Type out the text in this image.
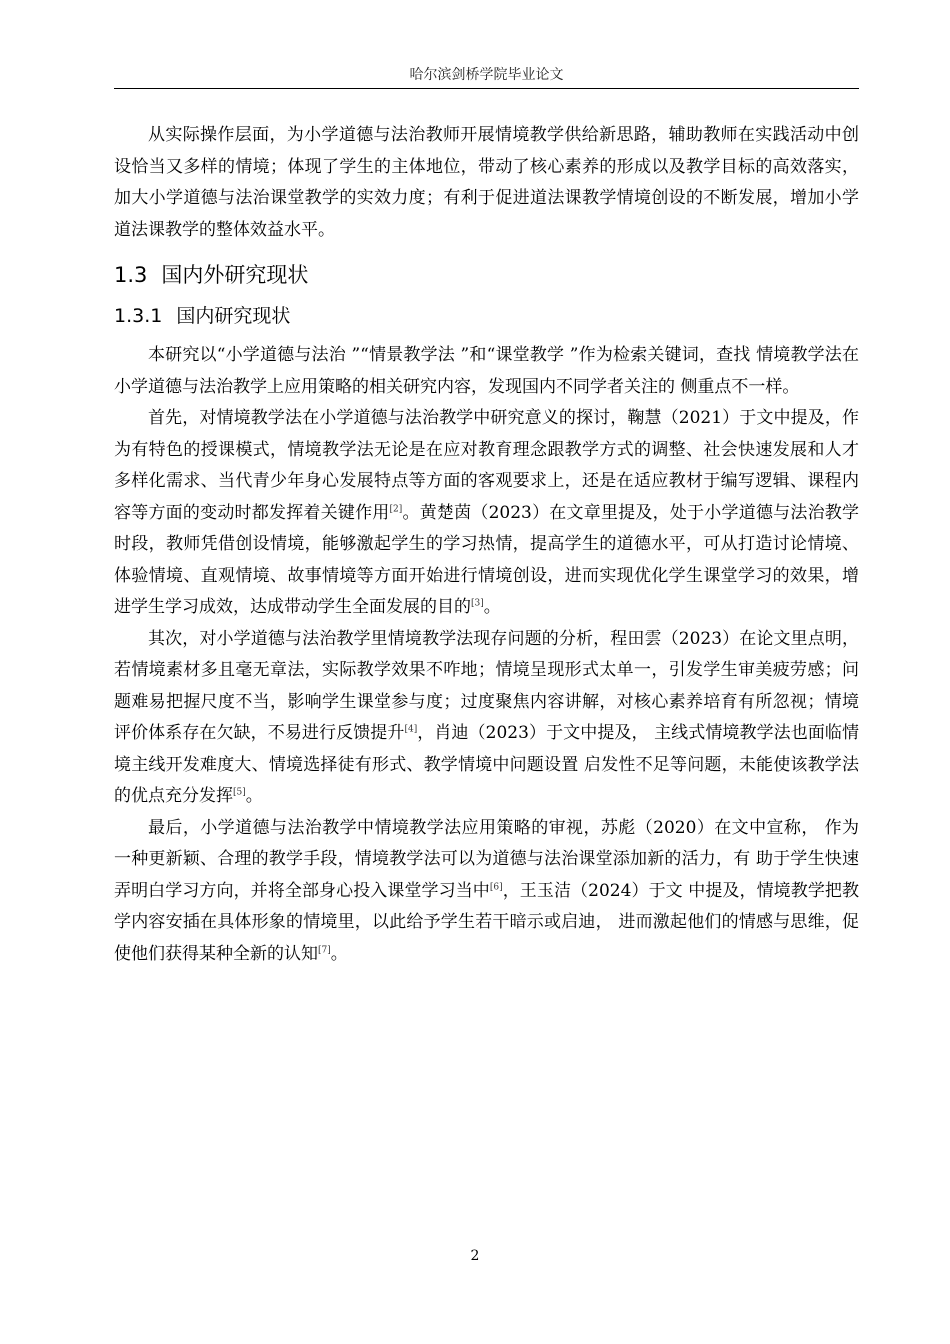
哈尔滨剑桥学院毕业论文

从实际操作层面，为小学道德与法治教师开展情境教学供给新思路，辅助教师在实践活动中创设恰当又多样的情境；体现了学生的主体地位，带动了核心素养的形成以及教学目标的高效落实，加大小学道德与法治课堂教学的实效力度；有利于促进道法课教学情境创设的不断发展，增加小学道法课教学的整体效益水平。

1.3 国内外研究现状
1.3.1 国内研究现状

本研究以“小学道德与法治 ”“情景教学法 ”和“课堂教学 ”作为检索关键词，查找 情境教学法在小学道德与法治教学上应用策略的相关研究内容，发现国内不同学者关注的 侧重点不一样。

首先，对情境教学法在小学道德与法治教学中研究意义的探讨，鞠慧（2021）于文中提及，作为有特色的授课模式，情境教学法无论是在应对教育理念跟教学方式的调整、社会快速发展和人才多样化需求、当代青少年身心发展特点等方面的客观要求上，还是在适应教材于编写逻辑、课程内容等方面的变动时都发挥着关键作用[2]。黄楚茵（2023）在文章里提及，处于小学道德与法治教学时段，教师凭借创设情境，能够激起学生的学习热情，提高学生的道德水平，可从打造讨论情境、体验情境、直观情境、故事情境等方面开始进行情境创设，进而实现优化学生课堂学习的效果，增进学生学习成效，达成带动学生全面发展的目的[3]。

其次，对小学道德与法治教学里情境教学法现存问题的分析，程田雲（2023）在论文里点明，若情境素材多且毫无章法，实际教学效果不咋地；情境呈现形式太单一，引发学生审美疲劳感；问题难易把握尺度不当，影响学生课堂参与度；过度聚焦内容讲解，对核心素养培育有所忽视；情境评价体系存在欠缺，不易进行反馈提升[4]，肖迪（2023）于文中提及， 主线式情境教学法也面临情境主线开发难度大、情境选择徒有形式、教学情境中问题设置 启发性不足等问题，未能使该教学法的优点充分发挥[5]。

最后，小学道德与法治教学中情境教学法应用策略的审视，苏彪（2020）在文中宣称， 作为一种更新颖、合理的教学手段，情境教学法可以为道德与法治课堂添加新的活力，有 助于学生快速弄明白学习方向，并将全部身心投入课堂学习当中[6]，王玉洁（2024）于文 中提及，情境教学把教学内容安插在具体形象的情境里，以此给予学生若干暗示或启迪， 进而激起他们的情感与思维，促使他们获得某种全新的认知[7]。

2
